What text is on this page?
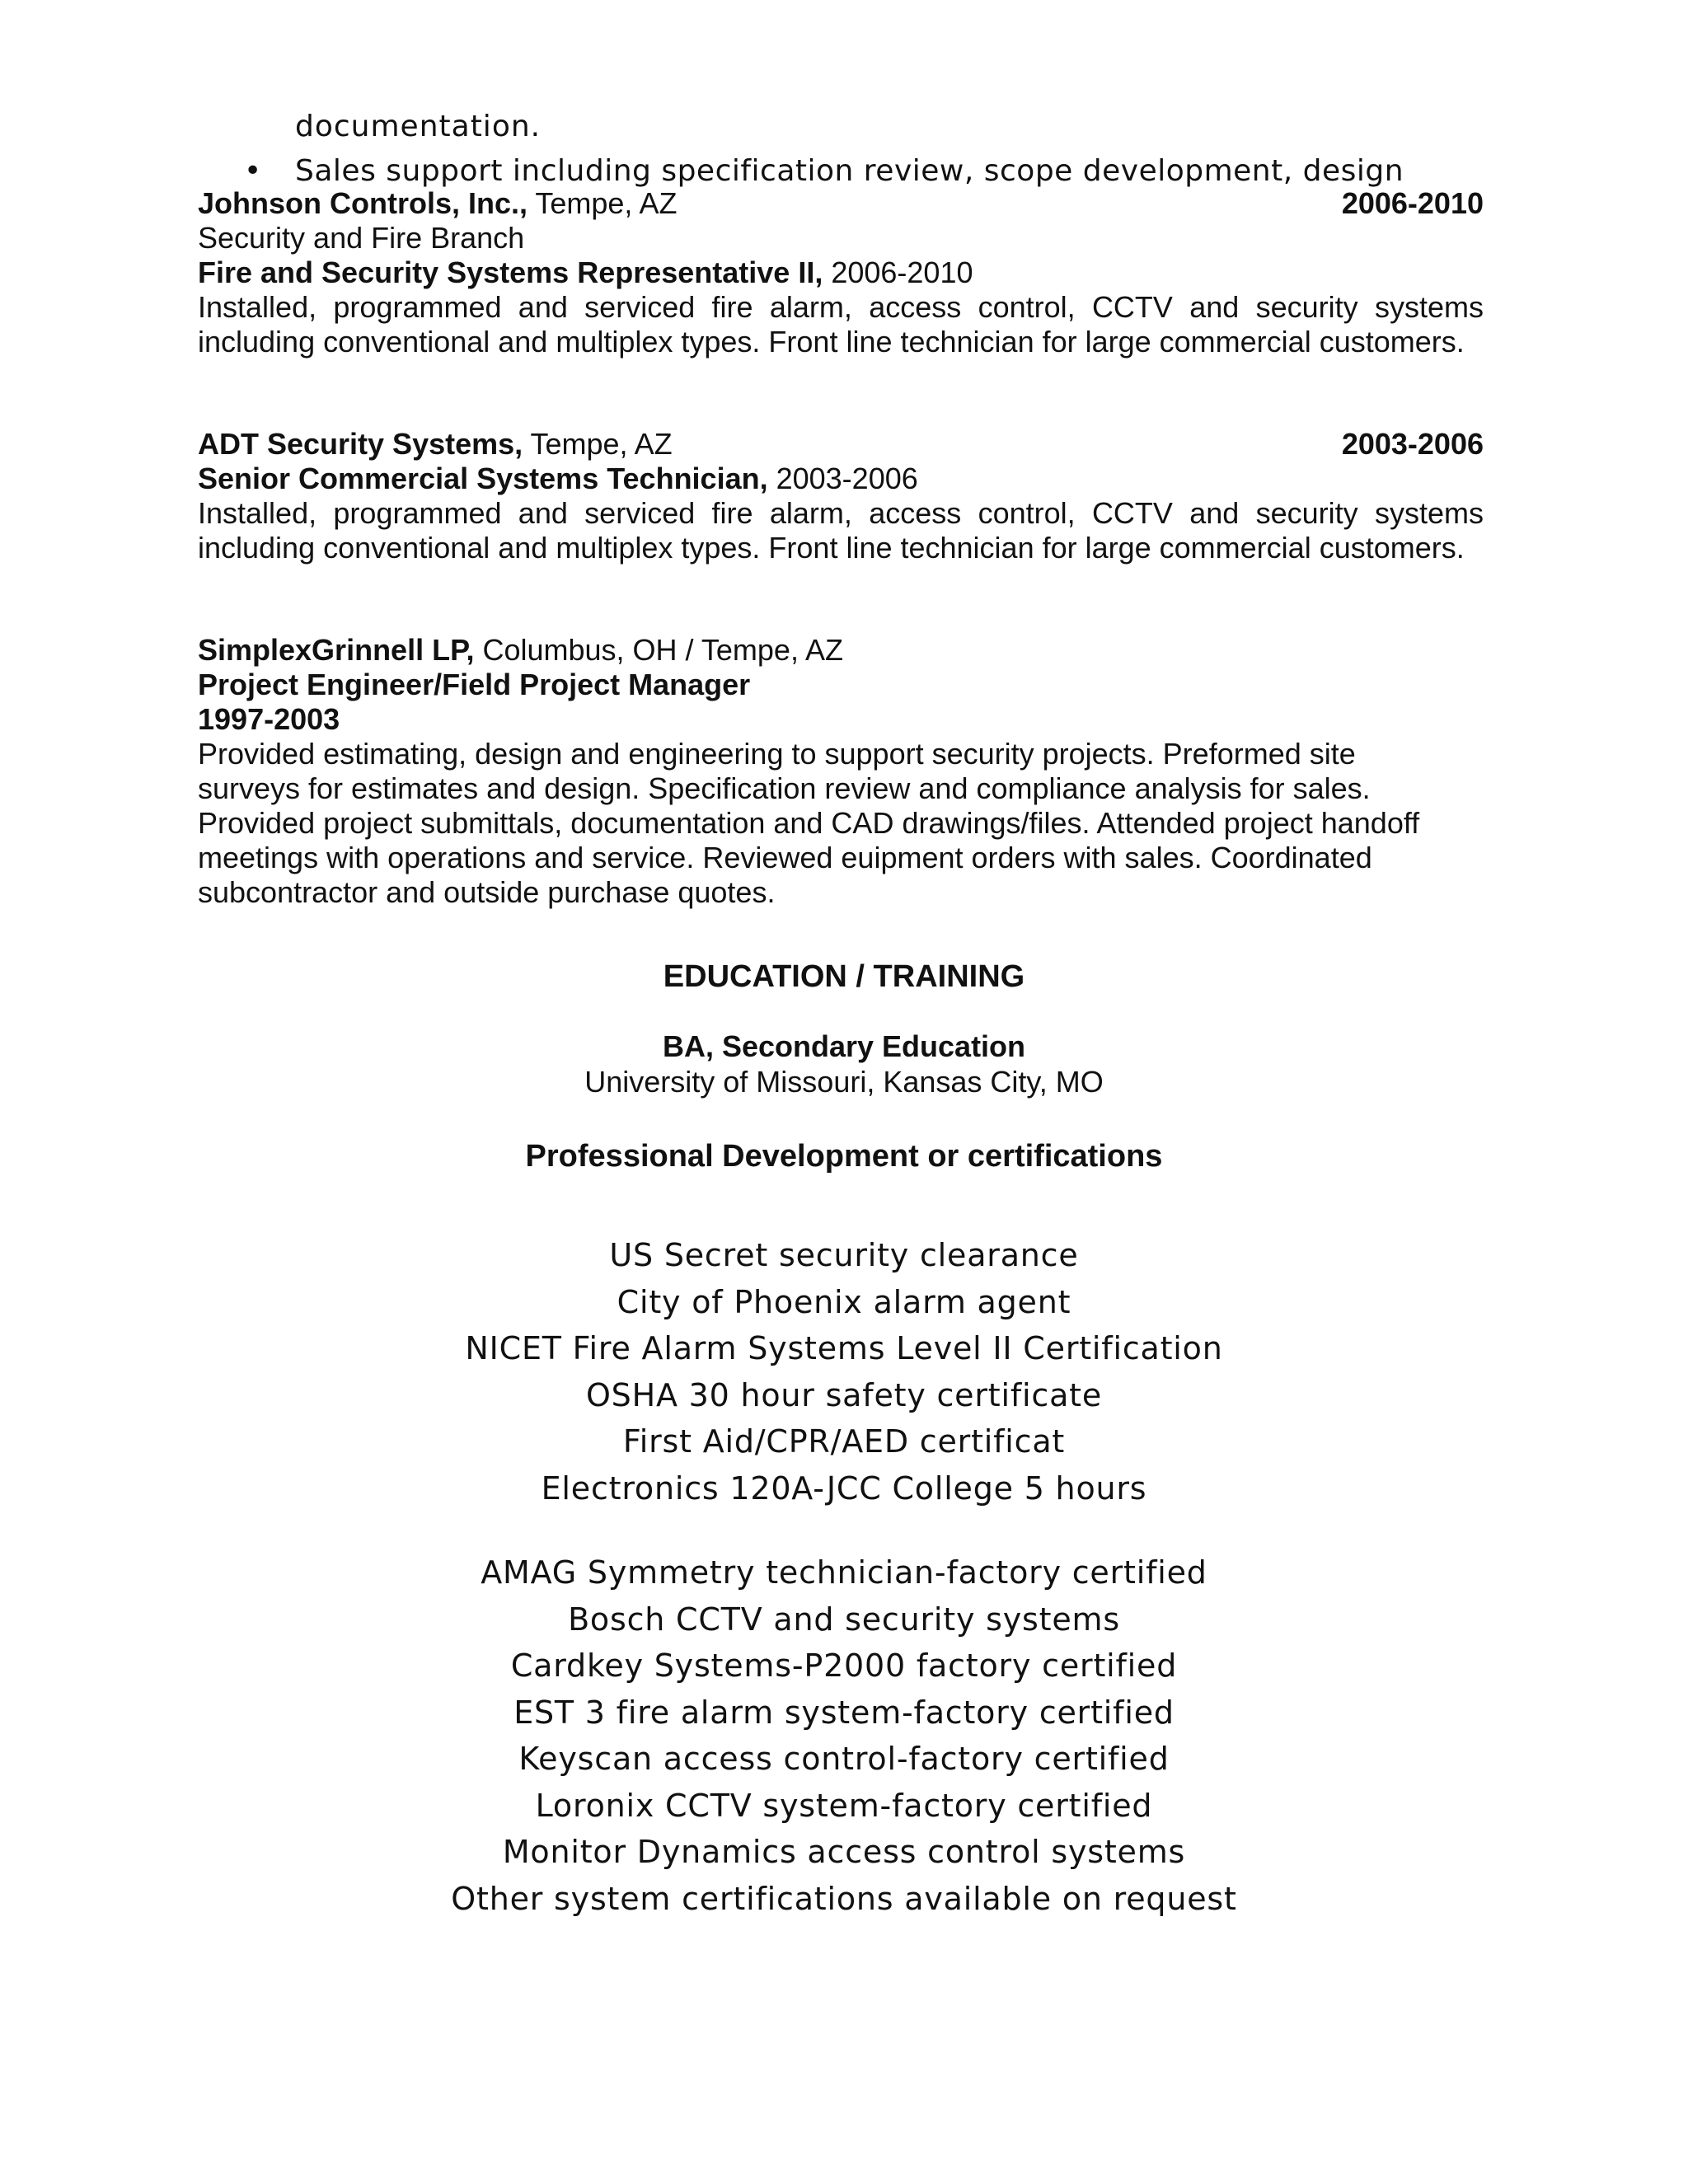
documentation.
• Sales support including specification review, scope development, design
Johnson Controls, Inc., Tempe, AZ	2006-2010
Security and Fire Branch
Fire and Security Systems Representative II, 2006-2010
Installed, programmed and serviced fire alarm, access control, CCTV and security systems including conventional and multiplex types. Front line technician for large commercial customers.
ADT Security Systems, Tempe, AZ	2003-2006
Senior Commercial Systems Technician, 2003-2006
Installed, programmed and serviced fire alarm, access control, CCTV and security systems including conventional and multiplex types. Front line technician for large commercial customers.
SimplexGrinnell LP, Columbus, OH / Tempe, AZ
Project Engineer/Field Project Manager
1997-2003
Provided estimating, design and engineering to support security projects. Preformed site
surveys for estimates and design. Specification review and compliance analysis for sales.
Provided project submittals, documentation and CAD drawings/files. Attended project handoff
meetings with operations and service. Reviewed euipment orders with sales. Coordinated
subcontractor and outside purchase quotes.
EDUCATION / TRAINING
BA, Secondary Education
University of Missouri, Kansas City, MO
Professional Development or certifications
US Secret security clearance
City of Phoenix alarm agent
NICET Fire Alarm Systems Level II Certification
OSHA 30 hour safety certificate
First Aid/CPR/AED certificat
Electronics 120A-JCC College 5 hours
AMAG Symmetry technician-factory certified
Bosch CCTV and security systems
Cardkey Systems-P2000 factory certified
EST 3 fire alarm system-factory certified
Keyscan access control-factory certified
Loronix CCTV system-factory certified
Monitor Dynamics access control systems
Other system certifications available on request
